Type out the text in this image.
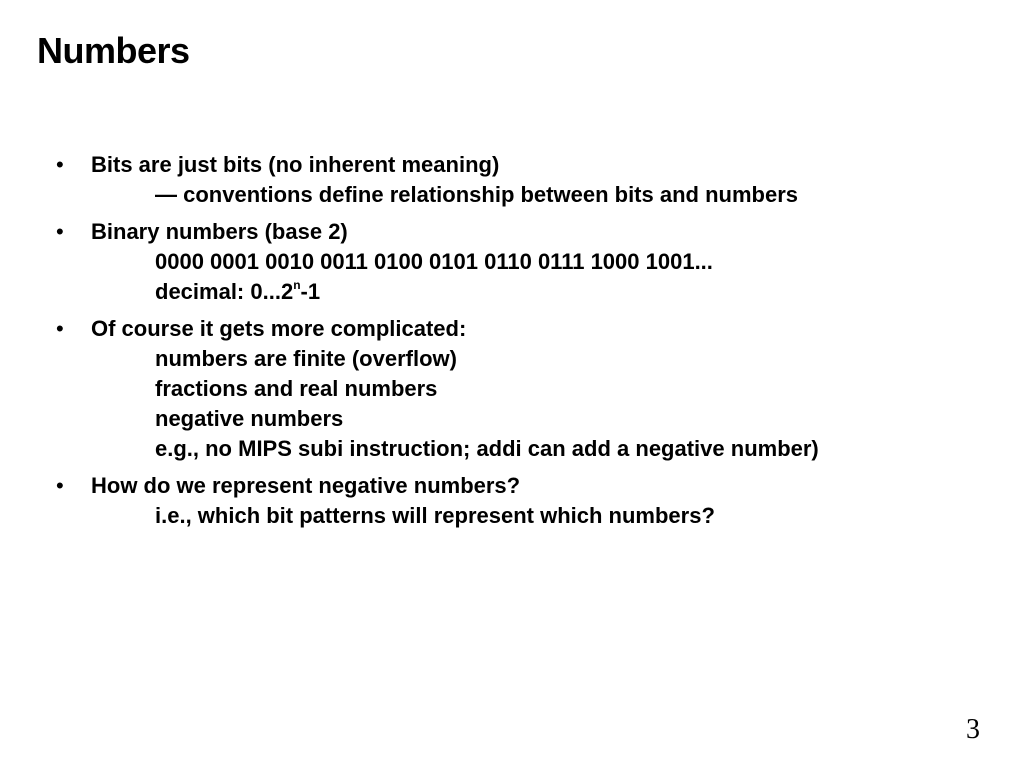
Numbers
• Bits are just bits (no inherent meaning)
— conventions define relationship between bits and numbers
• Binary numbers (base 2)
0000 0001 0010 0011 0100 0101 0110 0111 1000 1001...
decimal: 0...2$^n$-1
• Of course it gets more complicated:
numbers are finite (overflow)
fractions and real numbers
negative numbers
e.g., no MIPS subi instruction; addi can add a negative number)
• How do we represent negative numbers?
i.e., which bit patterns will represent which numbers?
3
